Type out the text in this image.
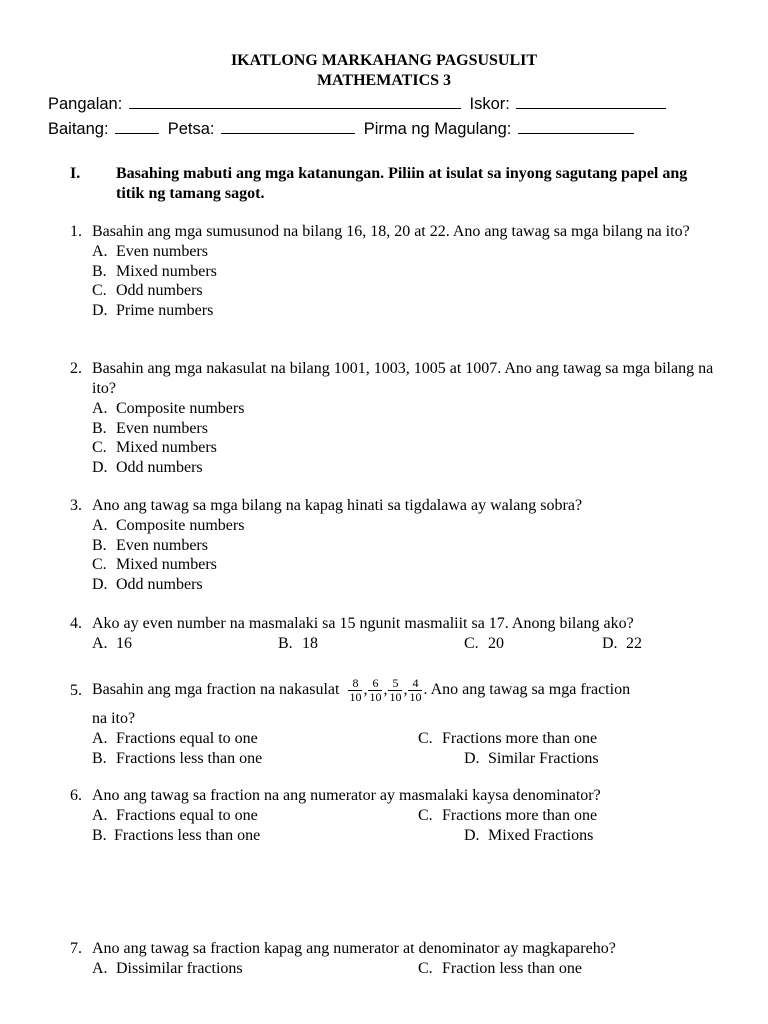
IKATLONG MARKAHANG PAGSUSULIT
MATHEMATICS 3
Pangalan:	Iskor:
Baitang:	Petsa:	Pirma ng Magulang:
I. Basahing mabuti ang mga katanungan. Piliin at isulat sa inyong sagutang papel ang titik ng tamang sagot.
1. Basahin ang mga sumusunod na bilang 16, 18, 20 at 22. Ano ang tawag sa mga bilang na ito?
A. Even numbers
B. Mixed numbers
C. Odd numbers
D. Prime numbers
2. Basahin ang mga nakasulat na bilang 1001, 1003, 1005 at 1007. Ano ang tawag sa mga bilang na ito?
A. Composite numbers
B. Even numbers
C. Mixed numbers
D. Odd numbers
3. Ano ang tawag sa mga bilang na kapag hinati sa tigdalawa ay walang sobra?
A. Composite numbers
B. Even numbers
C. Mixed numbers
D. Odd numbers
4. Ako ay even number na masmalaki sa 15 ngunit masmaliit sa 17. Anong bilang ako?
A. 16	B. 18	C. 20	D. 22
5. Basahin ang mga fraction na nakasulat $\frac{8}{10}$ , $\frac{6}{10}$ , $\frac{5}{10}$ , $\frac{4}{10}$ . Ano ang tawag sa mga fraction
na ito?
A. Fractions equal to one	C. Fractions more than one
B. Fractions less than one	D. Similar Fractions
6. Ano ang tawag sa fraction na ang numerator ay masmalaki kaysa denominator?
A. Fractions equal to one	C. Fractions more than one
B. Fractions less than one	D. Mixed Fractions
7. Ano ang tawag sa fraction kapag ang numerator at denominator ay magkapareho?
A. Dissimilar fractions	C. Fraction less than one
